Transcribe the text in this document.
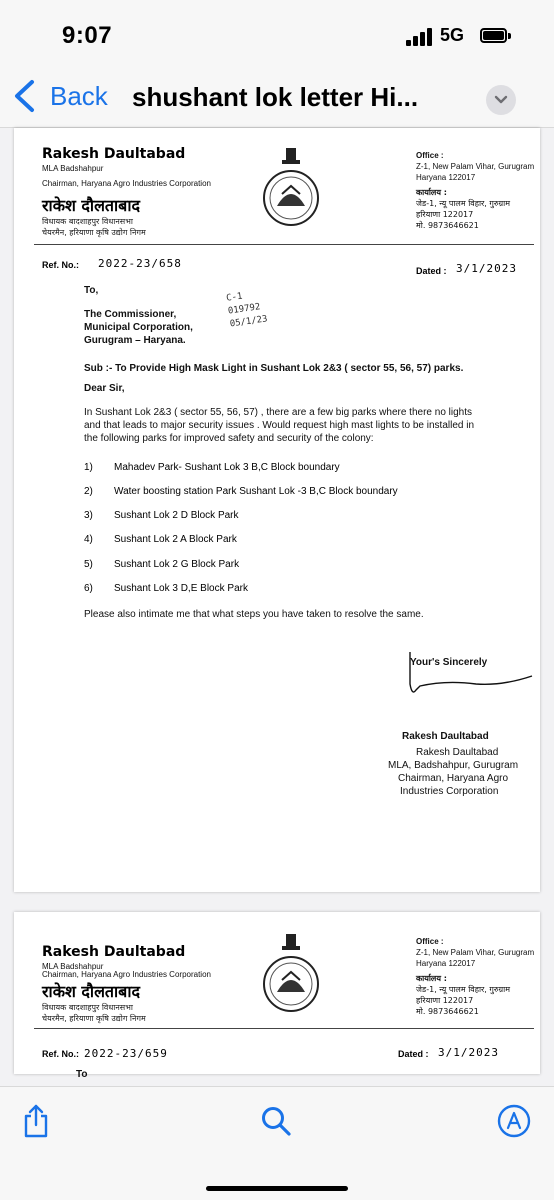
9:07	5G
Back shushant lok letter Hi...
Rakesh Daultabad
MLA Badshahpur
Chairman, Haryana Agro Industries Corporation
राकेश दौलताबाद
विधायक बादशाहपुर विधानसभा
चेयरमैन, हरियाणा कृषि उद्योग निगम
Office :
Z-1, New Palam Vihar, Gurugram
Haryana 122017
कार्यालय :
जेड-1, न्यू पालम विहार, गुरुग्राम
हरियाणा 122017
मो. 9873646621
Ref. No.: 2022-23/658
Dated : 3/1/2023
To,
The Commissioner,
Municipal Corporation,
Gurugram – Haryana.
C-1
019792
05/1/23
Sub :- To Provide High Mask Light in Sushant Lok 2&3 ( sector 55, 56, 57) parks.
Dear Sir,
In Sushant Lok 2&3 ( sector 55, 56, 57) , there are a few big parks where there no lights
and that leads to major security issues . Would request high mast lights to be installed in
the following parks for improved safety and security of the colony:
1) Mahadev Park- Sushant Lok 3 B,C Block boundary
2) Water boosting station Park Sushant Lok -3 B,C Block boundary
3) Sushant Lok 2 D Block Park
4) Sushant Lok 2 A Block Park
5) Sushant Lok 2 G Block Park
6) Sushant Lok 3 D,E Block Park
Please also intimate me that what steps you have taken to resolve the same.
Your's Sincerely
Rakesh Daultabad
Rakesh Daultabad
MLA, Badshahpur, Gurugram
Chairman, Haryana Agro
Industries Corporation
Rakesh Daultabad
MLA Badshahpur
Chairman, Haryana Agro Industries Corporation
राकेश दौलताबाद
विधायक बादशाहपुर विधानसभा
चेयरमैन, हरियाणा कृषि उद्योग निगम
Office :
Z-1, New Palam Vihar, Gurugram
Haryana 122017
कार्यालय :
जेड-1, न्यू पालम विहार, गुरुग्राम
हरियाणा 122017
मो. 9873646621
Ref. No.: 2022-23/659	Dated : 3/1/2023
To
